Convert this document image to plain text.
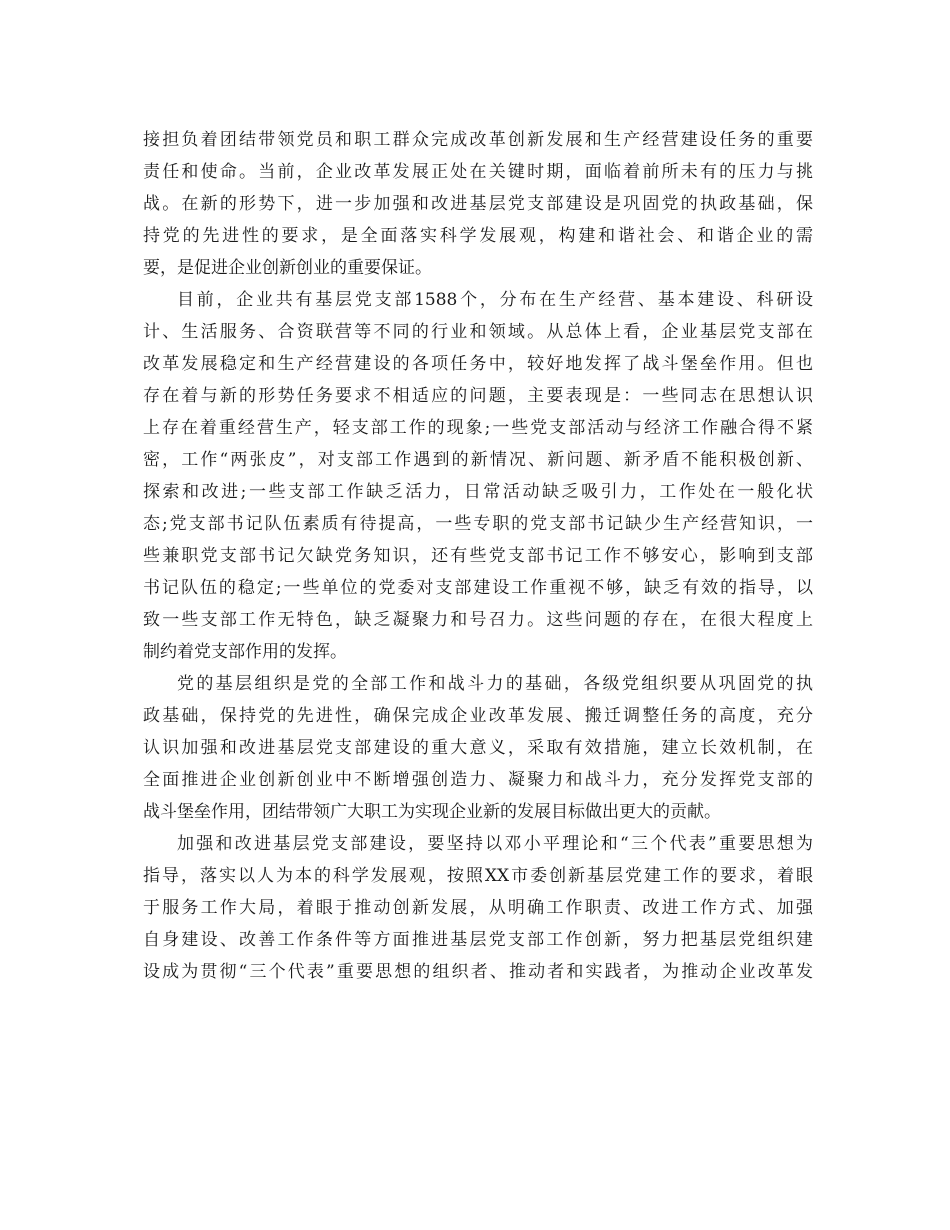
接担负着团结带领党员和职工群众完成改革创新发展和生产经营建设任务的重要
责任和使命。当前，企业改革发展正处在关键时期，面临着前所未有的压力与挑
战。在新的形势下，进一步加强和改进基层党支部建设是巩固党的执政基础，保
持党的先进性的要求，是全面落实科学发展观，构建和谐社会、和谐企业的需
要，是促进企业创新创业的重要保证。
目前，企业共有基层党支部1588个，分布在生产经营、基本建设、科研设
计、生活服务、合资联营等不同的行业和领域。从总体上看，企业基层党支部在
改革发展稳定和生产经营建设的各项任务中，较好地发挥了战斗堡垒作用。但也
存在着与新的形势任务要求不相适应的问题，主要表现是：一些同志在思想认识
上存在着重经营生产，轻支部工作的现象;一些党支部活动与经济工作融合得不紧
密，工作“两张皮”，对支部工作遇到的新情况、新问题、新矛盾不能积极创新、
探索和改进;一些支部工作缺乏活力，日常活动缺乏吸引力，工作处在一般化状
态;党支部书记队伍素质有待提高，一些专职的党支部书记缺少生产经营知识，一
些兼职党支部书记欠缺党务知识，还有些党支部书记工作不够安心，影响到支部
书记队伍的稳定;一些单位的党委对支部建设工作重视不够，缺乏有效的指导，以
致一些支部工作无特色，缺乏凝聚力和号召力。这些问题的存在，在很大程度上
制约着党支部作用的发挥。
党的基层组织是党的全部工作和战斗力的基础，各级党组织要从巩固党的执
政基础，保持党的先进性，确保完成企业改革发展、搬迁调整任务的高度，充分
认识加强和改进基层党支部建设的重大意义，采取有效措施，建立长效机制，在
全面推进企业创新创业中不断增强创造力、凝聚力和战斗力，充分发挥党支部的
战斗堡垒作用，团结带领广大职工为实现企业新的发展目标做出更大的贡献。
加强和改进基层党支部建设，要坚持以邓小平理论和“三个代表”重要思想为
指导，落实以人为本的科学发展观，按照XX市委创新基层党建工作的要求，着眼
于服务工作大局，着眼于推动创新发展，从明确工作职责、改进工作方式、加强
自身建设、改善工作条件等方面推进基层党支部工作创新，努力把基层党组织建
设成为贯彻“三个代表”重要思想的组织者、推动者和实践者，为推动企业改革发
